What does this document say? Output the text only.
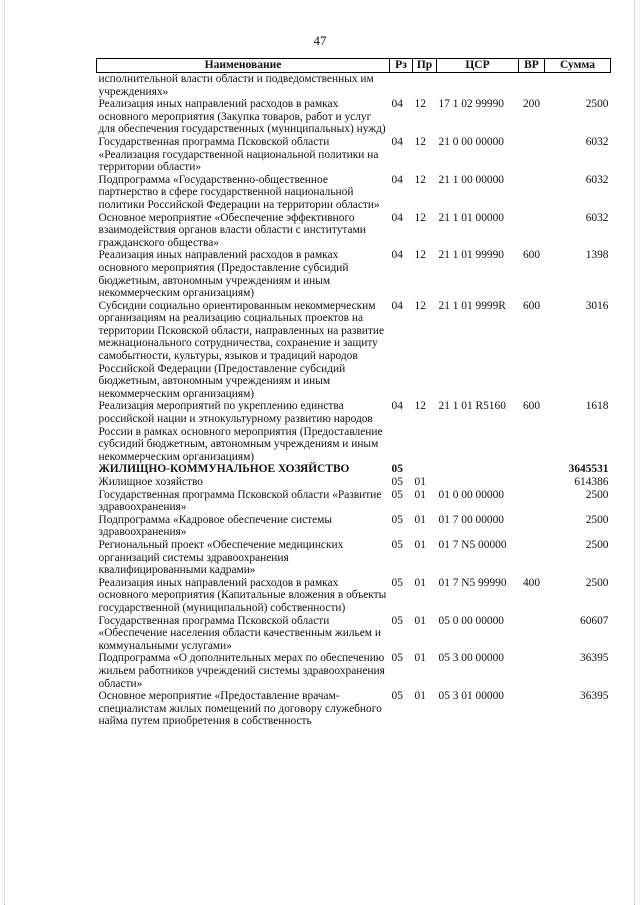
47
Наименование	Рз	Пр	ЦСР	ВР	Сумма
исполнительной власти области и подведомственных им учреждениях»					
Реализация иных направлений расходов в рамках основного мероприятия (Закупка товаров, работ и услуг для обеспечения государственных (муниципальных) нужд)	04	12	17 1 02 99990	200	2500
Государственная программа Псковской области «Реализация государственной национальной политики на территории области»	04	12	21 0 00 00000		6032
Подпрограмма «Государственно-общественное партнерство в сфере государственной национальной политики Российской Федерации на территории области»	04	12	21 1 00 00000		6032
Основное мероприятие «Обеспечение эффективного взаимодействия органов власти области с институтами гражданского общества»	04	12	21 1 01 00000		6032
Реализация иных направлений расходов в рамках основного мероприятия (Предоставление субсидий бюджетным, автономным учреждениям и иным некоммерческим организациям)	04	12	21 1 01 99990	600	1398
Субсидии социально ориентированным некоммерческим организациям на реализацию социальных проектов на территории Псковской области, направленных на развитие межнационального сотрудничества, сохранение и защиту самобытности, культуры, языков и традиций народов Российской Федерации (Предоставление субсидий бюджетным, автономным учреждениям и иным некоммерческим организациям)	04	12	21 1 01 9999R	600	3016
Реализация мероприятий по укреплению единства российской нации и этнокультурному развитию народов России в рамках основного мероприятия (Предоставление субсидий бюджетным, автономным учреждениям и иным некоммерческим организациям)	04	12	21 1 01 R5160	600	1618
ЖИЛИЩНО-КОММУНАЛЬНОЕ ХОЗЯЙСТВО	05				3645531
Жилищное хозяйство	05	01			614386
Государственная программа Псковской области «Развитие здравоохранения»	05	01	01 0 00 00000		2500
Подпрограмма «Кадровое обеспечение системы здравоохранения»	05	01	01 7 00 00000		2500
Региональный проект «Обеспечение медицинских организаций системы здравоохранения квалифицированными кадрами»	05	01	01 7 N5 00000		2500
Реализация иных направлений расходов в рамках основного мероприятия (Капитальные вложения в объекты государственной (муниципальной) собственности)	05	01	01 7 N5 99990	400	2500
Государственная программа Псковской области «Обеспечение населения области качественным жильем и коммунальными услугами»	05	01	05 0 00 00000		60607
Подпрограмма «О дополнительных мерах по обеспечению жильем работников учреждений системы здравоохранения области»	05	01	05 3 00 00000		36395
Основное мероприятие «Предоставление врачам-специалистам жилых помещений по договору служебного найма путем приобретения в собственность	05	01	05 3 01 00000		36395
